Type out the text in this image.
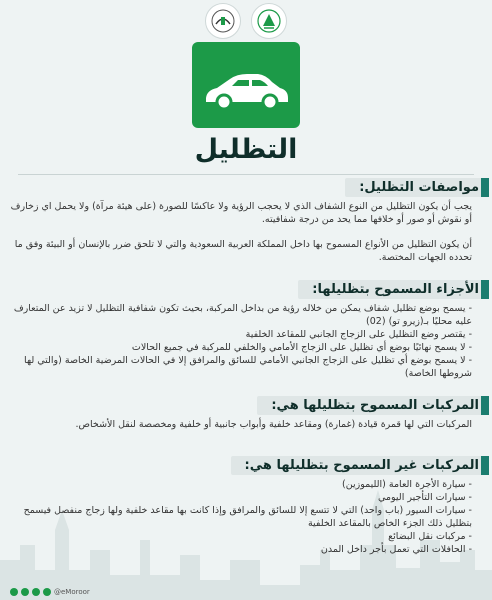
التظليل
مواصفات التظليل:
يجب أن يكون التظليل من النوع الشفاف الذي لا يحجب الرؤية ولا عاكسًا للصورة (على هيئة مرآة) ولا يحمل اي زخارف أو نقوش أو صور أو خلافها مما يحد من درجة شفافيته.
أن يكون التظليل من الأنواع المسموح بها داخل المملكة العربية السعودية والتي لا تلحق ضرر بالإنسان أو البيئة وفق ما تحدده الجهات المختصة.
الأجزاء المسموح بتظليلها:
- يسمح بوضع تظليل شفاف يمكن من خلاله رؤية من بداخل المركبة، بحيث تكون شفافية التظليل لا تزيد عن المتعارف عليه محليًا بـ(زيرو تو) (02)
- يقتصر وضع التظليل على الزجاج الجانبي للمقاعد الخلفية
- لا يسمح نهائيًا بوضع أي تظليل على الزجاج الأمامي والخلفي للمركبة في جميع الحالات
- لا يسمح بوضع أي تظليل على الزجاج الجانبي الأمامي للسائق والمرافق إلا في الحالات المرضية الخاصة (والتي لها شروطها الخاصة)
المركبات المسموح بتظليلها هي:
المركبات التي لها قمرة قيادة (غمارة) ومقاعد خلفية وأبواب جانبية أو خلفية ومخصصة لنقل الأشخاص.
المركبات غير المسموح بتظليلها هي:
- سيارة الأجرة العامة (الليموزين)
- سيارات التأجير اليومي
- سيارات السيور (باب واحد) التي لا تتسع إلا للسائق والمرافق وإذا كانت بها مقاعد خلفية ولها زجاج منفصل فيسمح بتظليل ذلك الجزء الخاص بالمقاعد الخلفية
- مركبات نقل البضائع
- الحافلات التي تعمل بأجر داخل المدن
@eMoroor
